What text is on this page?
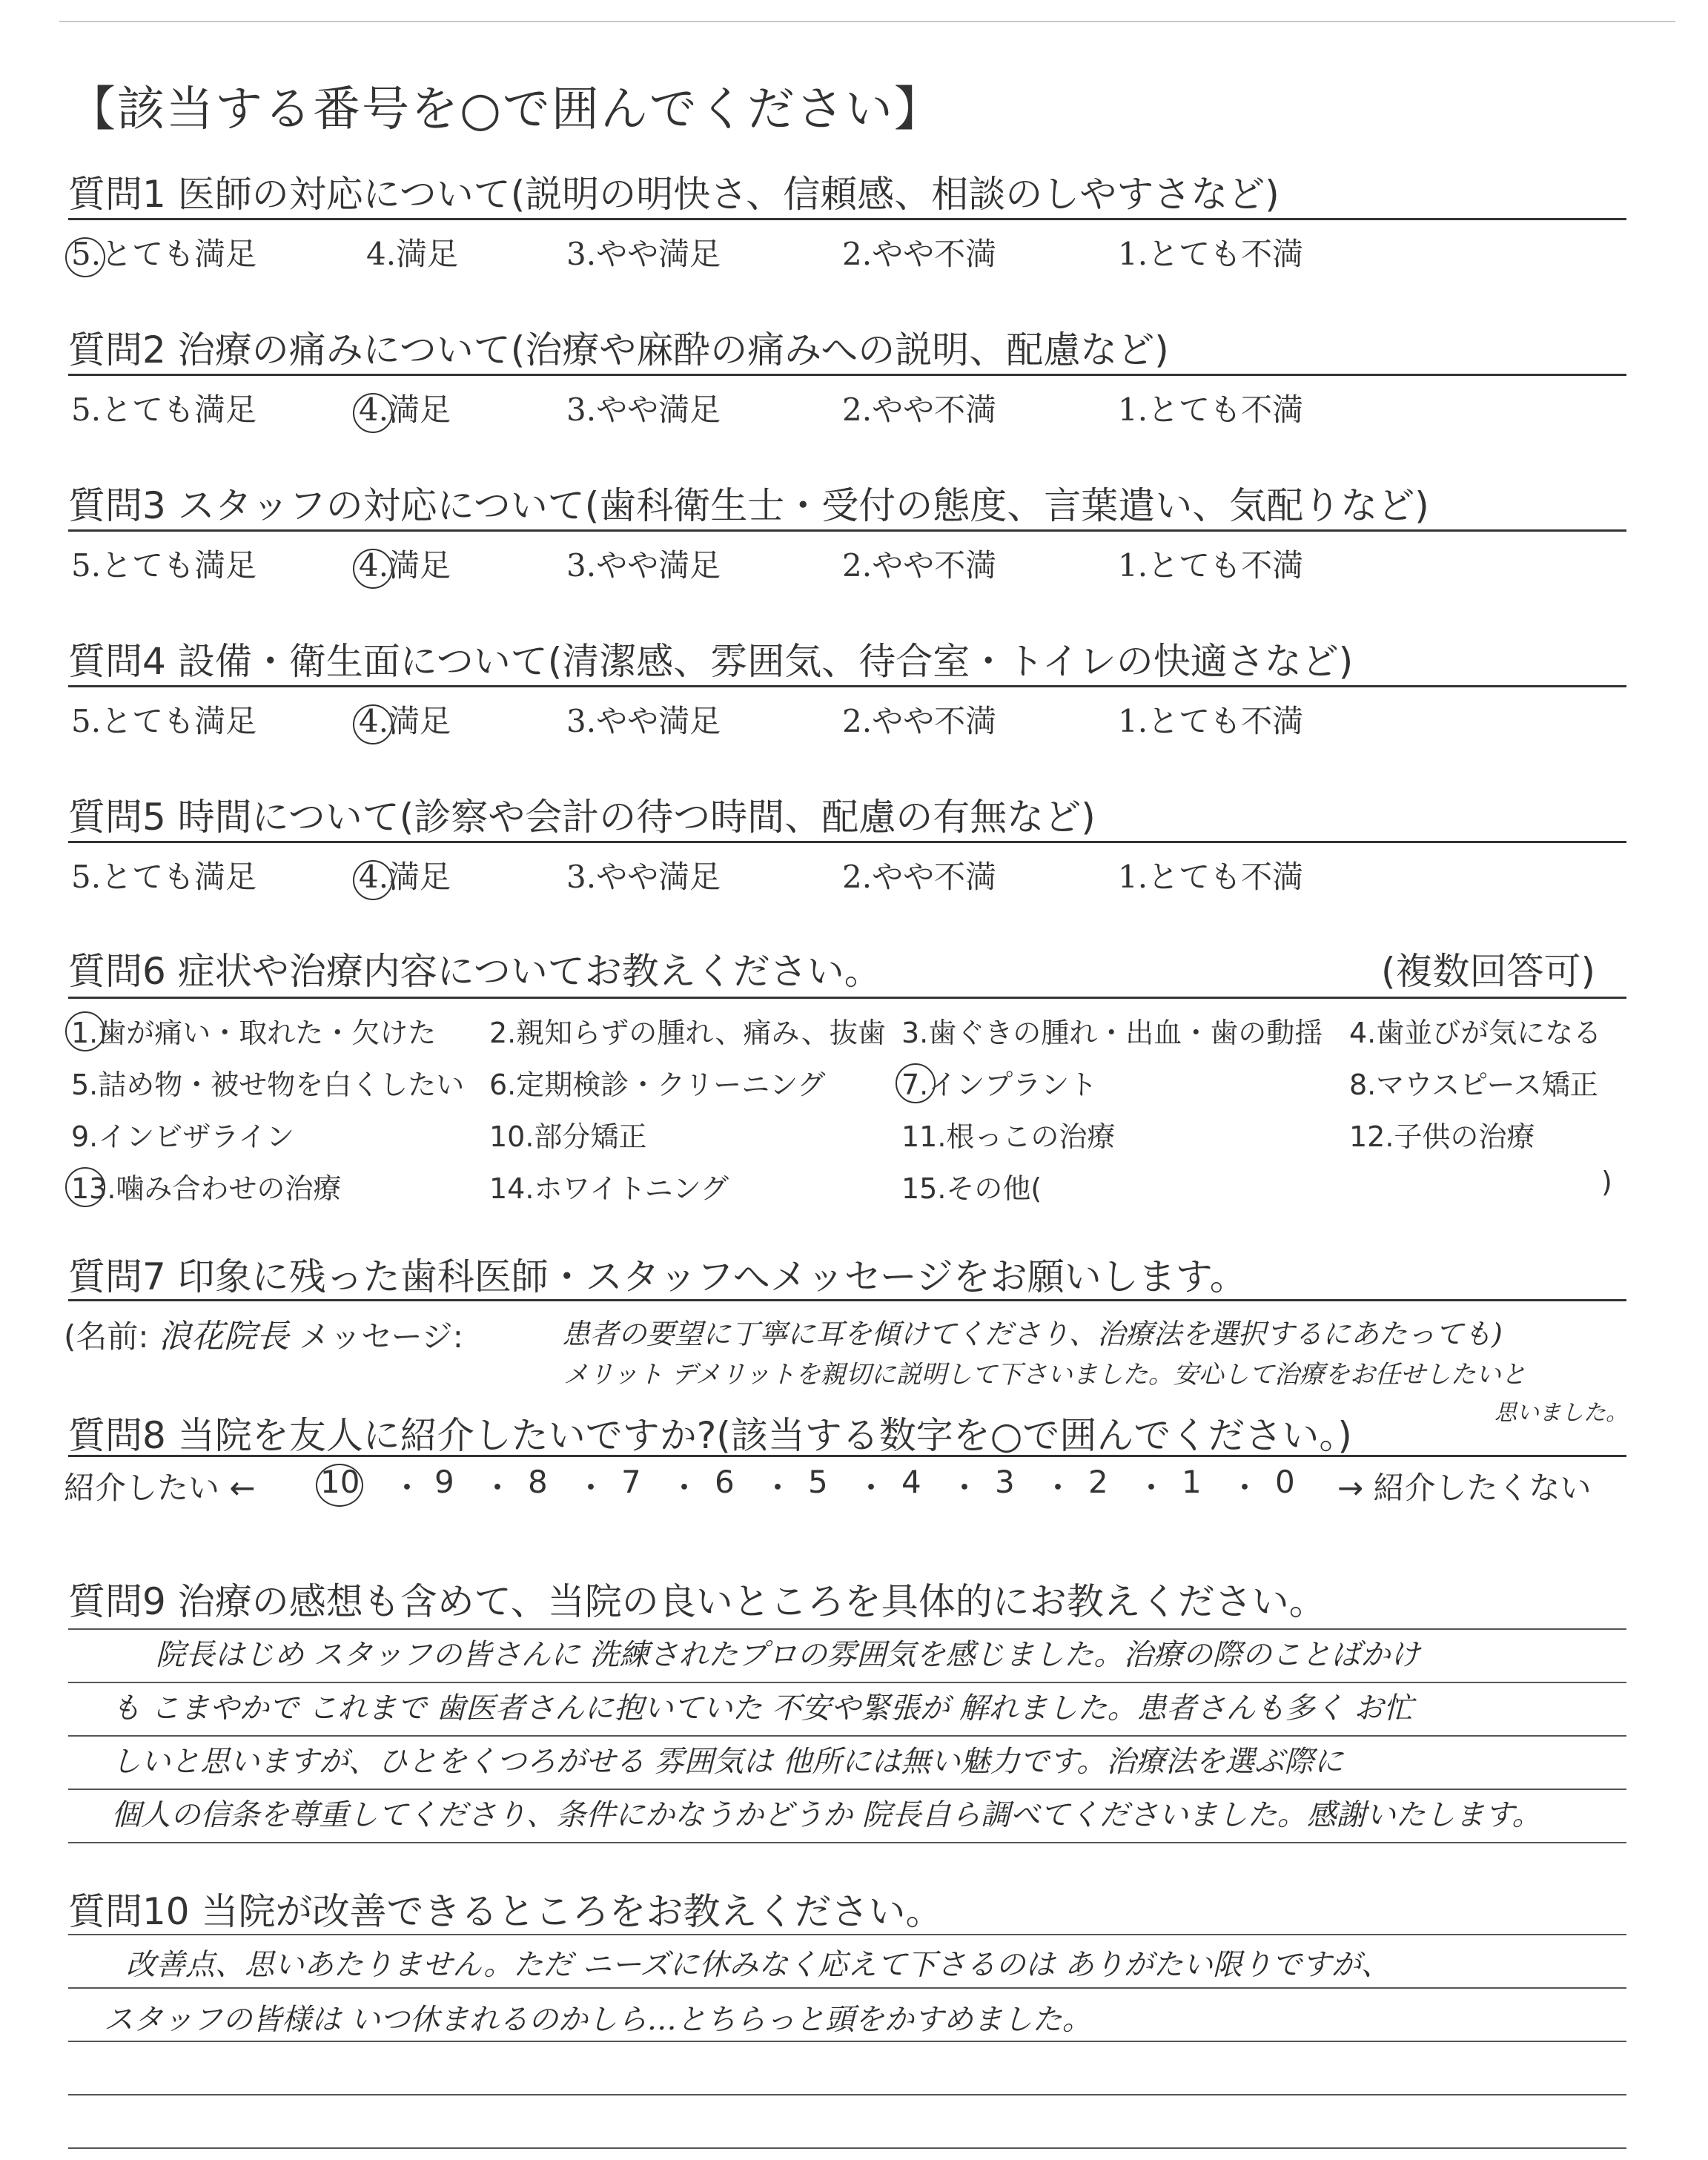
【該当する番号を○で囲んでください】
質問1 医師の対応について(説明の明快さ、信頼感、相談のしやすさなど)
5.とても満足	4.満足	3.やや満足	2.やや不満	1.とても不満
質問2 治療の痛みについて(治療や麻酔の痛みへの説明、配慮など)
5.とても満足	4.満足	3.やや満足	2.やや不満	1.とても不満
質問3 スタッフの対応について(歯科衛生士・受付の態度、言葉遣い、気配りなど)
5.とても満足	4.満足	3.やや満足	2.やや不満	1.とても不満
質問4 設備・衛生面について(清潔感、雰囲気、待合室・トイレの快適さなど)
5.とても満足	4.満足	3.やや満足	2.やや不満	1.とても不満
質問5 時間について(診察や会計の待つ時間、配慮の有無など)
5.とても満足	4.満足	3.やや満足	2.やや不満	1.とても不満
質問6 症状や治療内容についてお教えください。	(複数回答可)
1.歯が痛い・取れた・欠けた 2.親知らずの腫れ、痛み、抜歯 3.歯ぐきの腫れ・出血・歯の動揺 4.歯並びが気になる
5.詰め物・被せ物を白くしたい 6.定期検診・クリーニング	7.インプラント	8.マウスピース矯正
9.インビザライン	10.部分矯正	11.根っこの治療	12.子供の治療
13.噛み合わせの治療	14.ホワイトニング	15.その他(	)
質問7 印象に残った歯科医師・スタッフへメッセージをお願いします。
(名前: 浪花院長 メッセージ:	患者の要望に丁寧に耳を傾けてくださり、治療法を選択するにあたっても)
メリット デメリットを親切に説明して下さいました。安心して治療をお任せしたいと
思いました。
質問8 当院を友人に紹介したいですか?(該当する数字を○で囲んでください。)
紹介したい ← 10 ・ 9 ・ 8 ・ 7 ・ 6 ・ 5 ・ 4 ・ 3 ・ 2 ・ 1 ・ 0 → 紹介したくない
質問9 治療の感想も含めて、当院の良いところを具体的にお教えください。
院長はじめ スタッフの皆さんに 洗練されたプロの雰囲気を感じました。治療の際のことばかけ
も こまやかで これまで 歯医者さんに抱いていた 不安や緊張が 解れました。患者さんも多く お忙
しいと思いますが、ひとをくつろがせる 雰囲気は 他所には無い魅力です。治療法を選ぶ際に
個人の信条を尊重してくださり、条件にかなうかどうか 院長自ら調べてくださいました。感謝いたします。
質問10 当院が改善できるところをお教えください。
改善点、思いあたりません。ただ ニーズに休みなく応えて下さるのは ありがたい限りですが、
スタッフの皆様は いつ休まれるのかしら…とちらっと頭をかすめました。
